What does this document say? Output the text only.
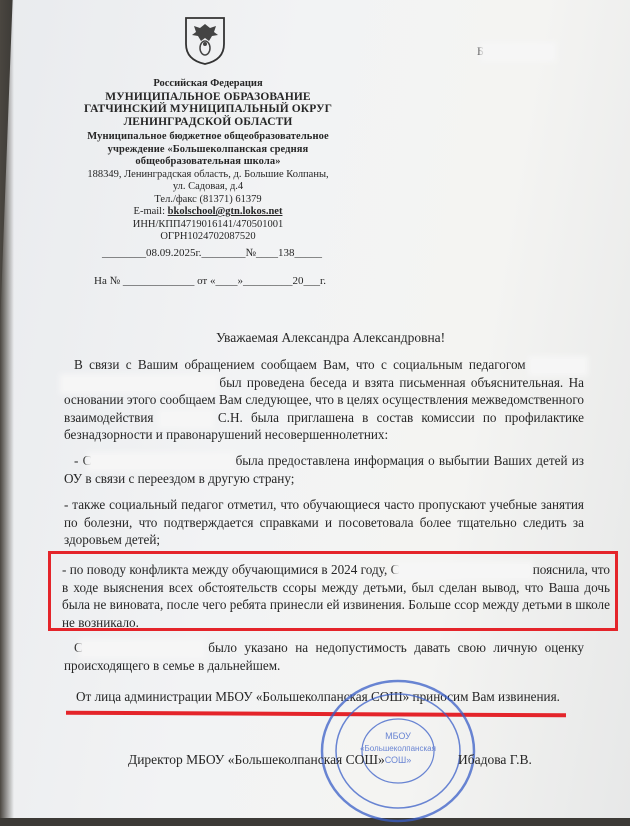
Б
Российская Федерация
МУНИЦИПАЛЬНОЕ ОБРАЗОВАНИЕ
ГАТЧИНСКИЙ МУНИЦИПАЛЬНЫЙ ОКРУГ
ЛЕНИНГРАДСКОЙ ОБЛАСТИ
Муниципальное бюджетное общеобразовательное
учреждение «Большеколпанская средняя
общеобразовательная школа»
188349, Ленинградская область, д. Большие Колпаны,
ул. Садовая, д.4
Тел./факс (81371) 61379
E-mail: bkolschool@gtn.lokos.net
ИНН/КПП4719016141/470501001
ОГРН1024702087520
________08.09.2025г.________№____138_____
На № _____________ от «____»_________20___г.
Уважаемая Александра Александровна!
В связи с Вашим обращением сообщаем Вам, что с социальным педагогом   был проведена беседа и взята письменная объяснительная. На основании этого сообщаем Вам следующее, что в целях осуществления межведомственного взаимодействия	С.Н. была приглашена в состав комиссии по профилактике безнадзорности и правонарушений несовершеннолетних:
- С	была предоставлена информация о выбытии Ваших детей из ОУ в связи с переездом в другую страну;
- также социальный педагог отметил, что обучающиеся часто пропускают учебные занятия по болезни, что подтверждается справками и посоветовала более тщательно следить за здоровьем детей;
- по поводу конфликта между обучающимися в 2024 году, С	пояснила, что в ходе выяснения всех обстоятельств ссоры между детьми, был сделан вывод, что Ваша дочь была не виновата, после чего ребята принесли ей извинения. Больше ссор между детьми в школе не возникало.
С	было указано на недопустимость давать свою личную оценку происходящего в семье в дальнейшем.
От лица администрации МБОУ «Большеколпанская СОШ» приносим Вам извинения.
МБОУ
«Большеколпанская
СОШ»
Директор МБОУ «Большеколпанская СОШ»	Ибадова Г.В.
